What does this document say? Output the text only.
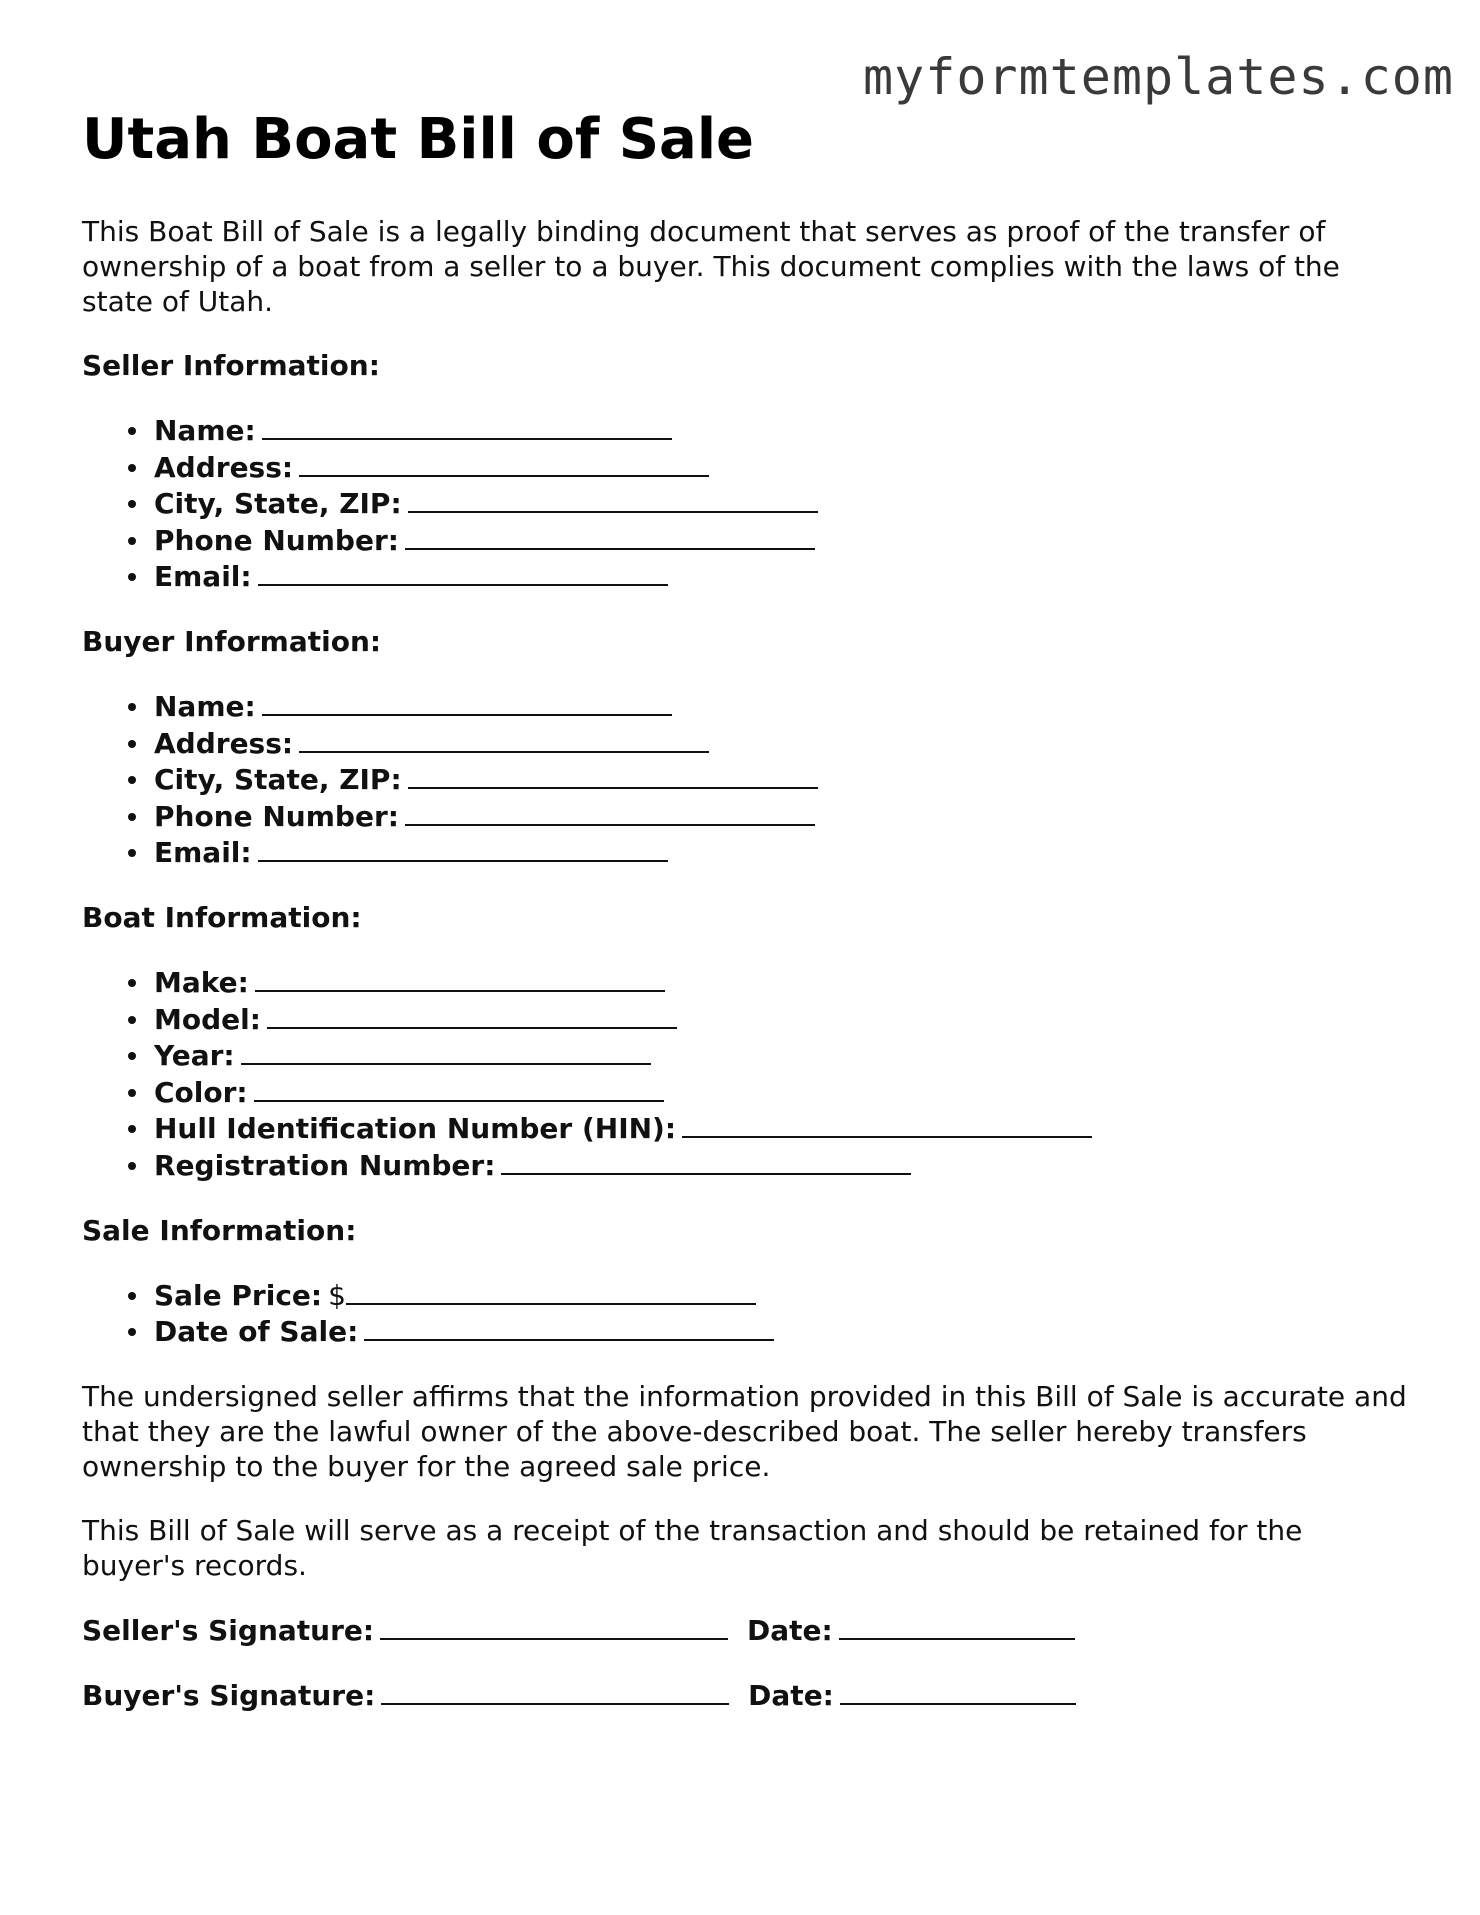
myformtemplates.com
Utah Boat Bill of Sale

This Boat Bill of Sale is a legally binding document that serves as proof of the transfer of ownership of a boat from a seller to a buyer. This document complies with the laws of the state of Utah.

Seller Information:
Name:
Address:
City, State, ZIP:
Phone Number:
Email:
Buyer Information:
Name:
Address:
City, State, ZIP:
Phone Number:
Email:
Boat Information:
Make:
Model:
Year:
Color:
Hull Identification Number (HIN):
Registration Number:
Sale Information:
Sale Price: $
Date of Sale:

The undersigned seller affirms that the information provided in this Bill of Sale is accurate and that they are the lawful owner of the above-described boat. The seller hereby transfers ownership to the buyer for the agreed sale price.

This Bill of Sale will serve as a receipt of the transaction and should be retained for the buyer's records.

Seller's Signature:	Date:
Buyer's Signature:	Date:
